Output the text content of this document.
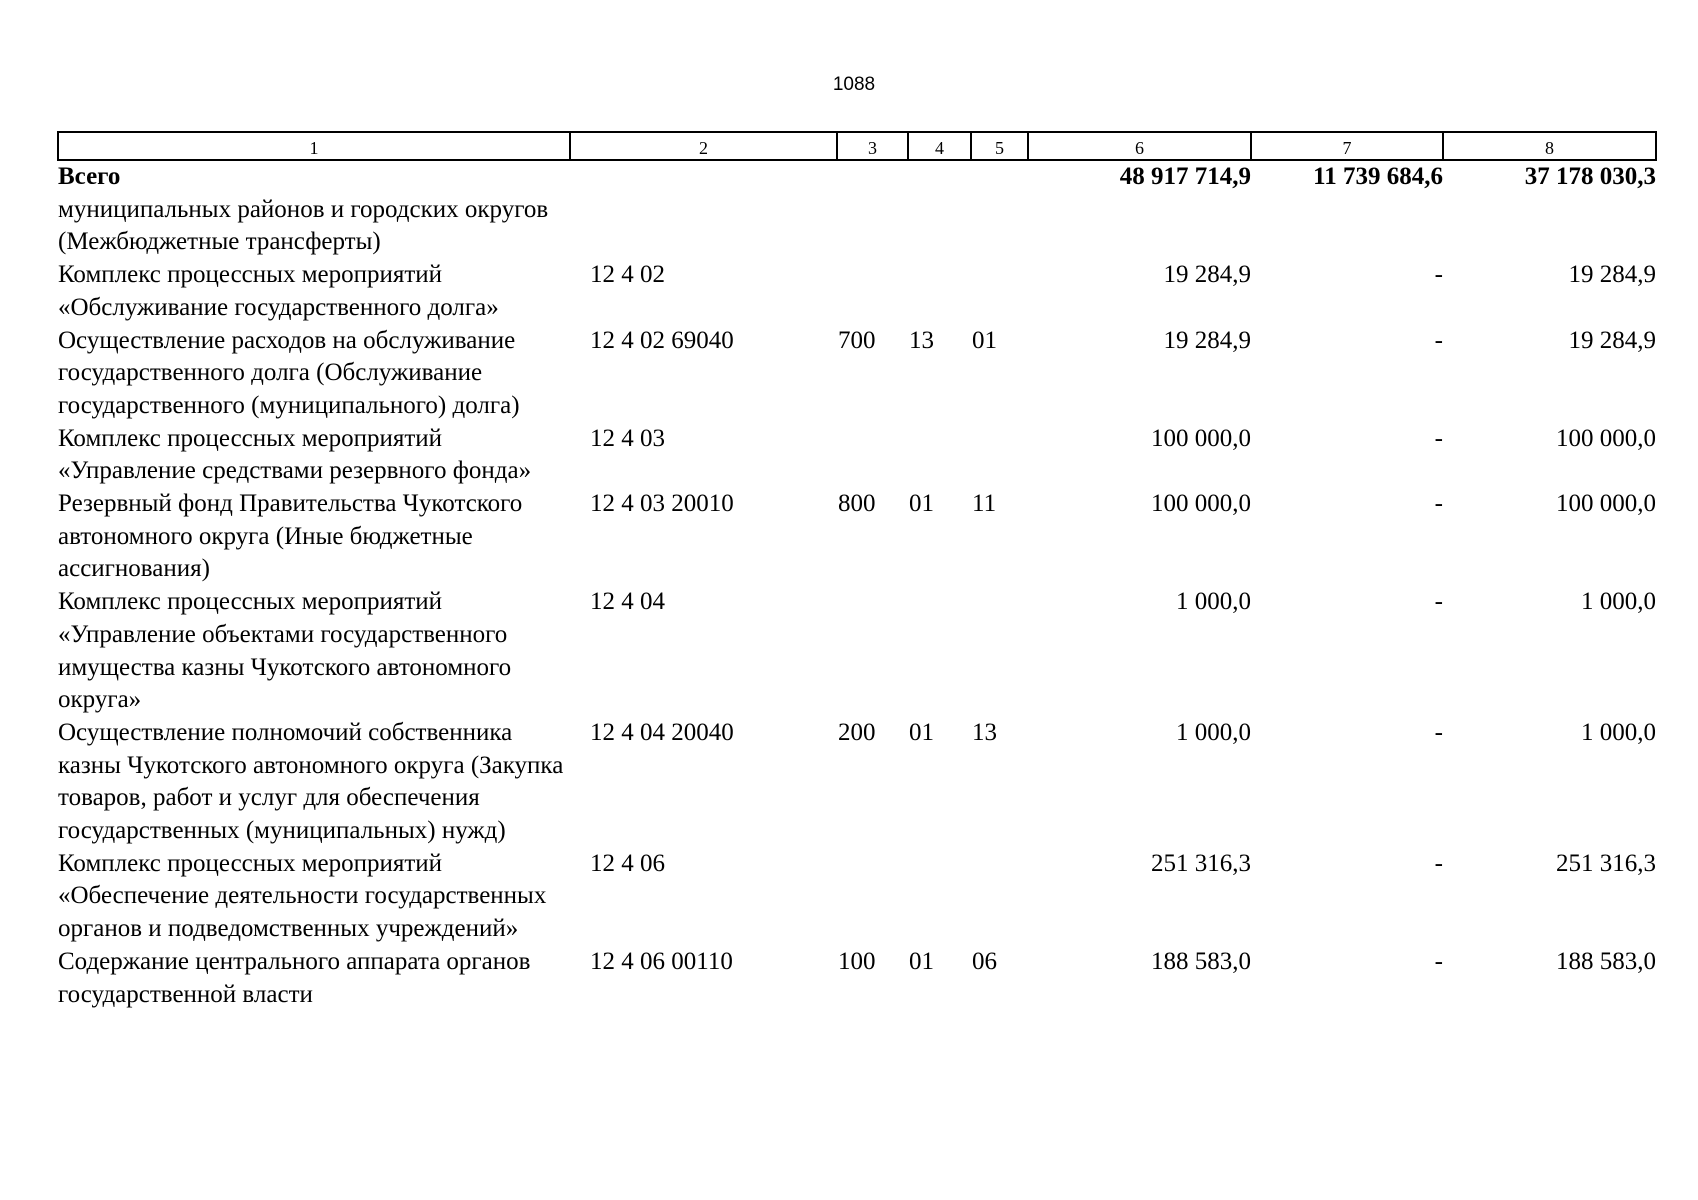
1088
1	2	3	4	5	6	7	8
Всего					48 917 714,9	11 739 684,6	37 178 030,3
муниципальных районов и городских округов (Межбюджетные трансферты)							
Комплекс процессных мероприятий «Обслуживание государственного долга»	12 4 02				19 284,9	-	19 284,9
Осуществление расходов на обслуживание государственного долга (Обслуживание государственного (муниципального) долга)	12 4 02 69040	700	13	01	19 284,9	-	19 284,9
Комплекс процессных мероприятий «Управление средствами резервного фонда»	12 4 03				100 000,0	-	100 000,0
Резервный фонд Правительства Чукотского автономного округа (Иные бюджетные ассигнования)	12 4 03 20010	800	01	11	100 000,0	-	100 000,0
Комплекс процессных мероприятий «Управление объектами государственного имущества казны Чукотского автономного округа»	12 4 04				1 000,0	-	1 000,0
Осуществление полномочий собственника казны Чукотского автономного округа (Закупка товаров, работ и услуг для обеспечения государственных (муниципальных) нужд)	12 4 04 20040	200	01	13	1 000,0	-	1 000,0
Комплекс процессных мероприятий «Обеспечение деятельности государственных органов и подведомственных учреждений»	12 4 06				251 316,3	-	251 316,3
Содержание центрального аппарата органов государственной власти	12 4 06 00110	100	01	06	188 583,0	-	188 583,0
